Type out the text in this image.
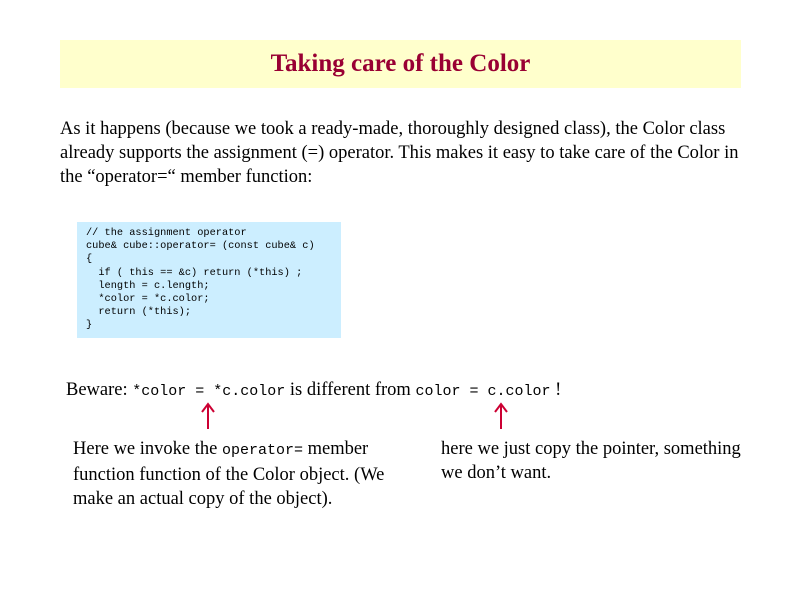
Taking care of the Color
As it happens (because we took a ready-made, thoroughly designed class), the Color class already supports the assignment (=) operator. This makes it easy to take care of the Color in the “operator=“ member function:
// the assignment operator
cube& cube::operator= (const cube& c)
{
if ( this == &c) return (*this) ;
length = c.length;
*color = *c.color;
return (*this);
}
Beware: *color = *c.color is different from color = c.color !
Here we invoke the operator= member function function of the Color object. (We make an actual copy of the object).
here we just copy the pointer, something we don’t want.
